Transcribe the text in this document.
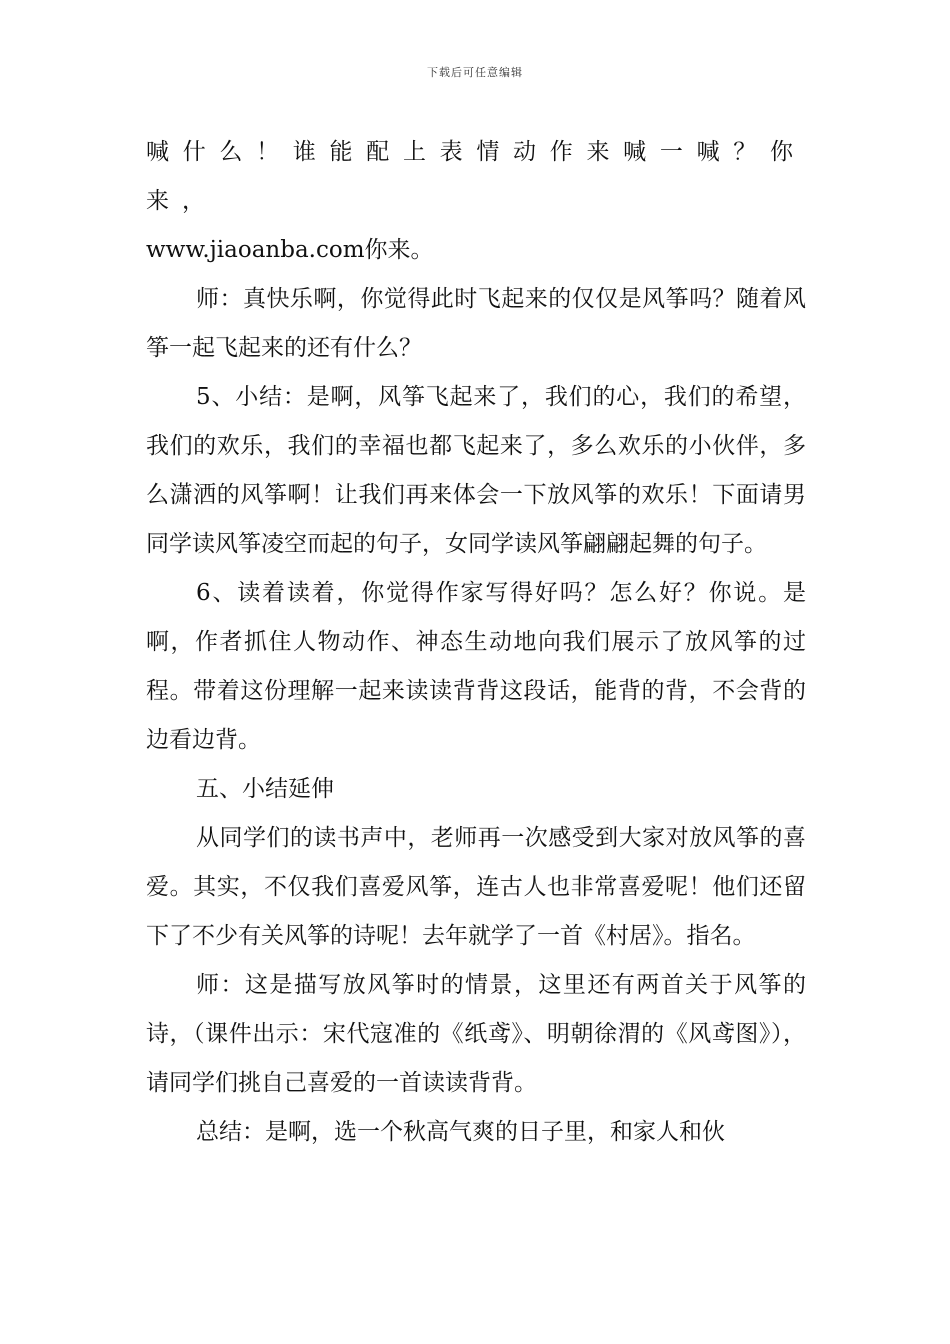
下载后可任意编辑

喊什么！谁能配上表情动作来喊一喊？你来，

www.jiaoanba.com你来。

师：真快乐啊，你觉得此时飞起来的仅仅是风筝吗？随着风筝一起飞起来的还有什么？

5、小结：是啊，风筝飞起来了，我们的心，我们的希望，我们的欢乐，我们的幸福也都飞起来了，多么欢乐的小伙伴，多么潇洒的风筝啊！让我们再来体会一下放风筝的欢乐！下面请男同学读风筝凌空而起的句子，女同学读风筝翩翩起舞的句子。

6、读着读着，你觉得作家写得好吗？怎么好？你说。是啊，作者抓住人物动作、神态生动地向我们展示了放风筝的过程。带着这份理解一起来读读背背这段话，能背的背，不会背的边看边背。

五、小结延伸

从同学们的读书声中，老师再一次感受到大家对放风筝的喜爱。其实，不仅我们喜爱风筝，连古人也非常喜爱呢！他们还留下了不少有关风筝的诗呢！去年就学了一首《村居》。指名。

师：这是描写放风筝时的情景，这里还有两首关于风筝的诗，（课件出示：宋代寇准的《纸鸢》、明朝徐渭的《风鸢图》），请同学们挑自己喜爱的一首读读背背。

总结：是啊，选一个秋高气爽的日子里，和家人和伙
